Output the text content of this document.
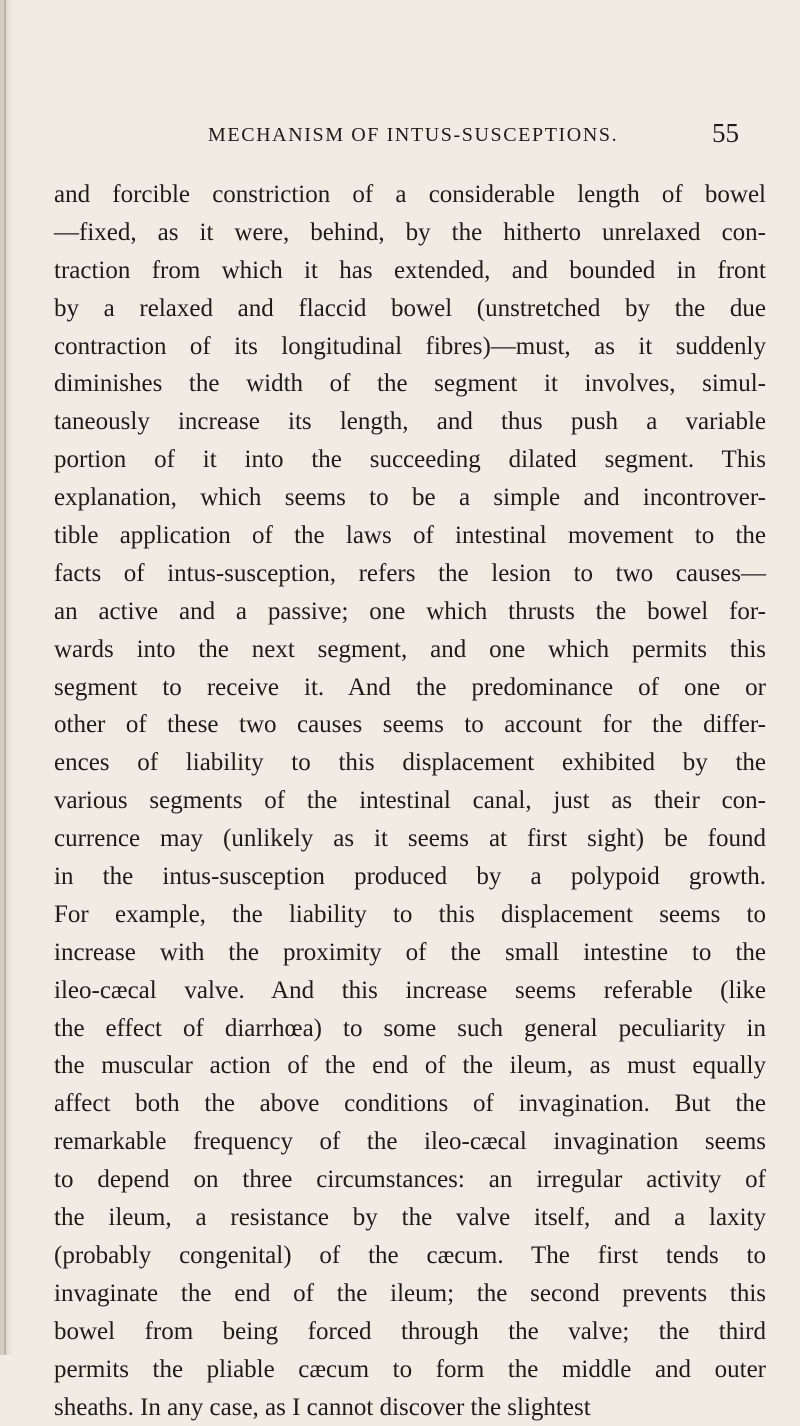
MECHANISM OF INTUS-SUSCEPTIONS.	55
and forcible constriction of a considerable length of bowel
—fixed, as it were, behind, by the hitherto unrelaxed con-
traction from which it has extended, and bounded in front
by a relaxed and flaccid bowel (unstretched by the due
contraction of its longitudinal fibres)—must, as it suddenly
diminishes the width of the segment it involves, simul-
taneously increase its length, and thus push a variable
portion of it into the succeeding dilated segment. This
explanation, which seems to be a simple and incontrover-
tible application of the laws of intestinal movement to the
facts of intus-susception, refers the lesion to two causes—
an active and a passive; one which thrusts the bowel for-
wards into the next segment, and one which permits this
segment to receive it. And the predominance of one or
other of these two causes seems to account for the differ-
ences of liability to this displacement exhibited by the
various segments of the intestinal canal, just as their con-
currence may (unlikely as it seems at first sight) be found
in the intus-susception produced by a polypoid growth.
For example, the liability to this displacement seems to
increase with the proximity of the small intestine to the
ileo-cæcal valve. And this increase seems referable (like
the effect of diarrhœa) to some such general peculiarity in
the muscular action of the end of the ileum, as must equally
affect both the above conditions of invagination. But the
remarkable frequency of the ileo-cæcal invagination seems
to depend on three circumstances: an irregular activity of
the ileum, a resistance by the valve itself, and a laxity
(probably congenital) of the cæcum. The first tends to
invaginate the end of the ileum; the second prevents this
bowel from being forced through the valve; the third
permits the pliable cæcum to form the middle and outer
sheaths. In any case, as I cannot discover the slightest
